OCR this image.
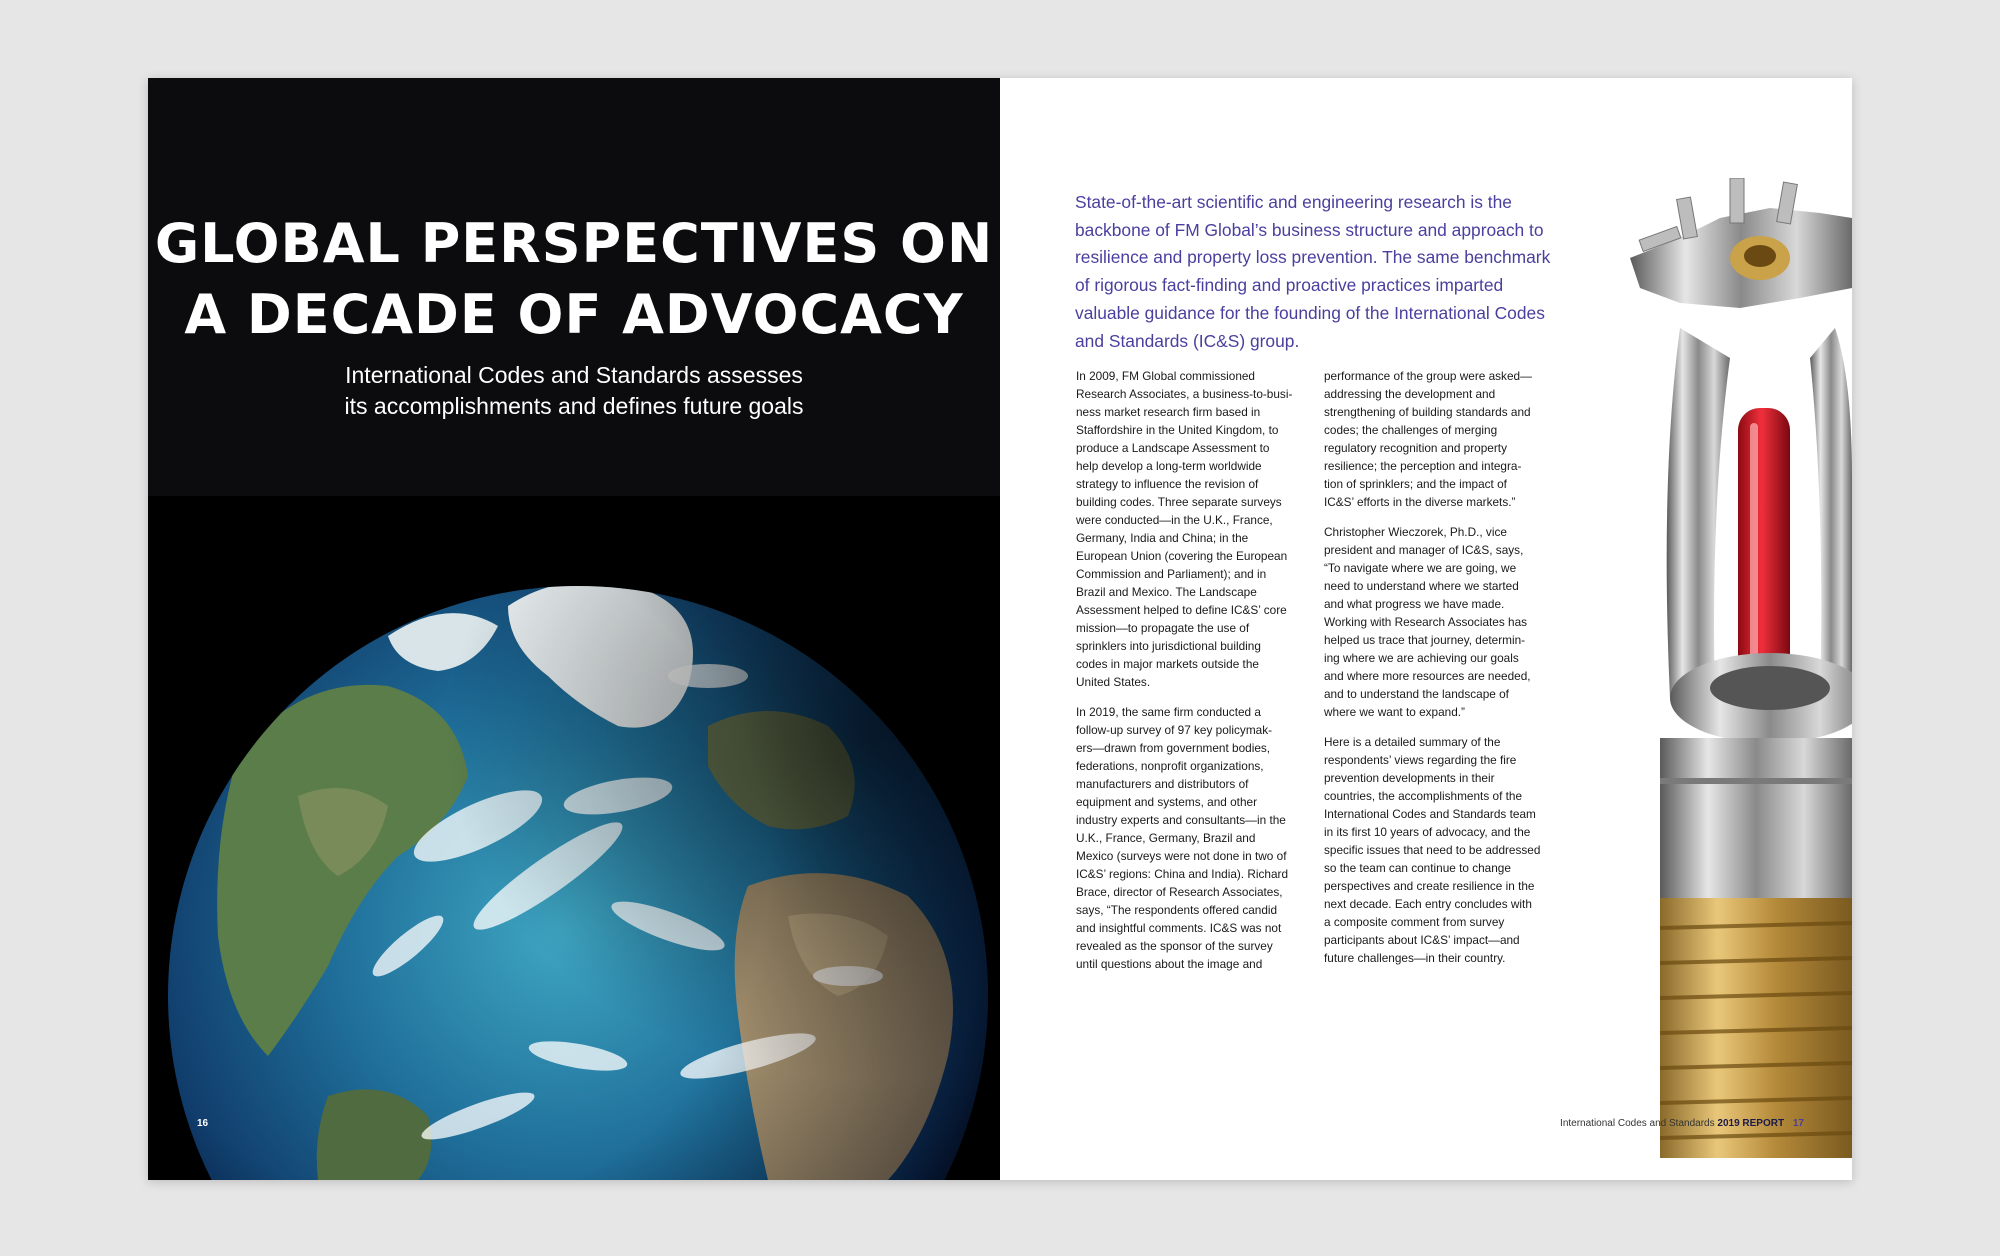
GLOBAL PERSPECTIVES ON
A DECADE OF ADVOCACY
International Codes and Standards assesses
its accomplishments and defines future goals
16
State-of-the-art scientific and engineering research is the
backbone of FM Global’s business structure and approach to
resilience and property loss prevention. The same benchmark
of rigorous fact-finding and proactive practices imparted
valuable guidance for the founding of the International Codes
and Standards (IC&S) group.

In 2009, FM Global commissioned
Research Associates, a business-to-busi-
ness market research firm based in
Staffordshire in the United Kingdom, to
produce a Landscape Assessment to
help develop a long-term worldwide
strategy to influence the revision of
building codes. Three separate surveys
were conducted—in the U.K., France,
Germany, India and China; in the
European Union (covering the European
Commission and Parliament); and in
Brazil and Mexico. The Landscape
Assessment helped to define IC&S’ core
mission—to propagate the use of
sprinklers into jurisdictional building
codes in major markets outside the
United States.

In 2019, the same firm conducted a
follow-up survey of 97 key policymak-
ers—drawn from government bodies,
federations, nonprofit organizations,
manufacturers and distributors of
equipment and systems, and other
industry experts and consultants—in the
U.K., France, Germany, Brazil and
Mexico (surveys were not done in two of
IC&S’ regions: China and India). Richard
Brace, director of Research Associates,
says, “The respondents offered candid
and insightful comments. IC&S was not
revealed as the sponsor of the survey
until questions about the image and

performance of the group were asked—
addressing the development and
strengthening of building standards and
codes; the challenges of merging
regulatory recognition and property
resilience; the perception and integra-
tion of sprinklers; and the impact of
IC&S’ efforts in the diverse markets.”

Christopher Wieczorek, Ph.D., vice
president and manager of IC&S, says,
“To navigate where we are going, we
need to understand where we started
and what progress we have made.
Working with Research Associates has
helped us trace that journey, determin-
ing where we are achieving our goals
and where more resources are needed,
and to understand the landscape of
where we want to expand.”

Here is a detailed summary of the
respondents’ views regarding the fire
prevention developments in their
countries, the accomplishments of the
International Codes and Standards team
in its first 10 years of advocacy, and the
specific issues that need to be addressed
so the team can continue to change
perspectives and create resilience in the
next decade. Each entry concludes with
a composite comment from survey
participants about IC&S’ impact—and
future challenges—in their country.

International Codes and Standards 2019 REPORT 17
